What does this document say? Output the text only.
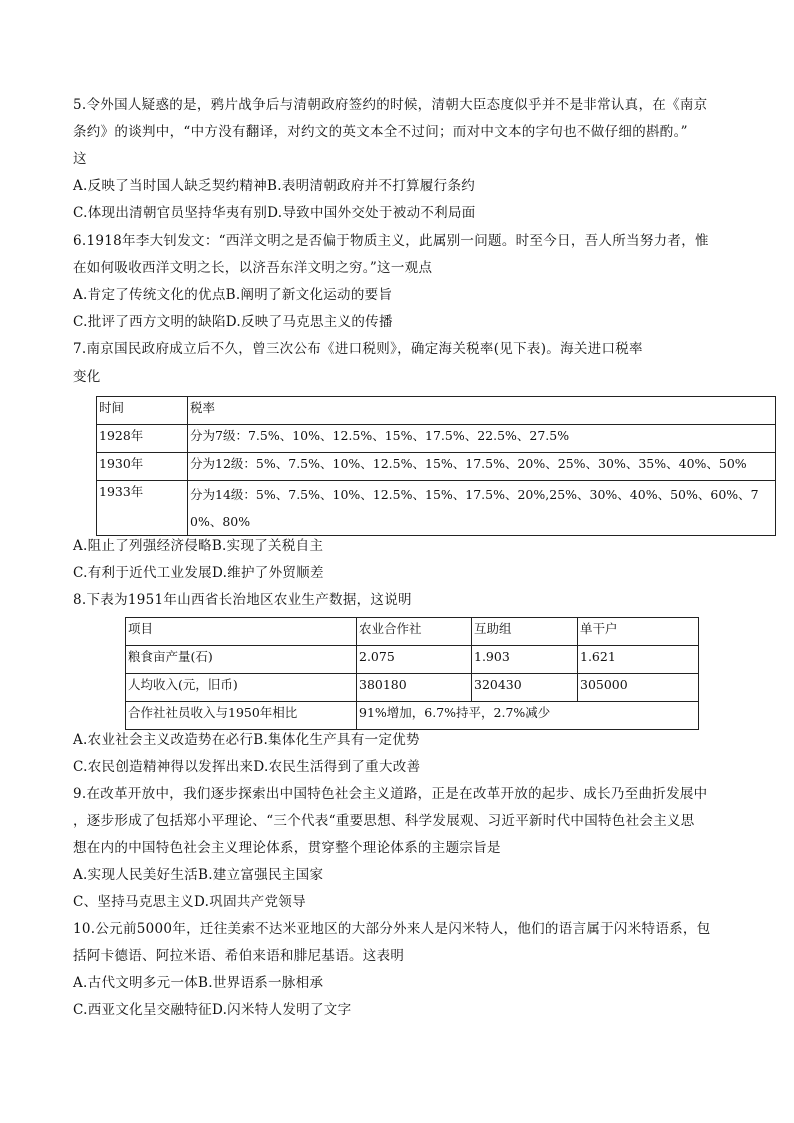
5.令外国人疑惑的是，鸦片战争后与清朝政府签约的时候，清朝大臣态度似乎并不是非常认真，在《南京
条约》的谈判中，“中方没有翻译，对约文的英文本全不过问；而对中文本的字句也不做仔细的斟酌。”
这
A.反映了当时国人缺乏契约精神B.表明清朝政府并不打算履行条约
C.体现出清朝官员坚持华夷有别D.导致中国外交处于被动不利局面
6.1918年李大钊发文：“西洋文明之是否偏于物质主义，此属别一问题。时至今日，吾人所当努力者，惟
在如何吸收西洋文明之长，以济吾东洋文明之穷。”这一观点
A.肯定了传统文化的优点B.阐明了新文化运动的要旨
C.批评了西方文明的缺陷D.反映了马克思主义的传播
7.南京国民政府成立后不久，曾三次公布《进口税则》，确定海关税率(见下表)。海关进口税率
变化
时间	税率
1928年	分为7级：7.5%、10%、12.5%、15%、17.5%、22.5%、27.5%
1930年	分为12级：5%、7.5%、10%、12.5%、15%、17.5%、20%、25%、30%、35%、40%、50%
1933年	分为14级：5%、7.5%、10%、12.5%、15%、17.5%、20%,25%、30%、40%、50%、60%、70%、80%
A.阻止了列强经济侵略B.实现了关税自主
C.有利于近代工业发展D.维护了外贸顺差
8.下表为1951年山西省长治地区农业生产数据，这说明
项目	农业合作社	互助组	单干户
粮食亩产量(石)	2.075	1.903	1.621
人均收入(元，旧币)	380180	320430	305000
合作社社员收入与1950年相比	91%增加，6.7%持平，2.7%减少		
A.农业社会主义改造势在必行B.集体化生产具有一定优势
C.农民创造精神得以发挥出来D.农民生活得到了重大改善
9.在改革开放中，我们逐步探索出中国特色社会主义道路，正是在改革开放的起步、成长乃至曲折发展中
，逐步形成了包括郑小平理论、“三个代表“重要思想、科学发展观、习近平新时代中国特色社会主义思
想在内的中国特色社会主义理论体系，贯穿整个理论体系的主题宗旨是
A.实现人民美好生活B.建立富强民主国家
C、坚持马克思主义D.巩固共产党领导
10.公元前5000年，迁往美索不达米亚地区的大部分外来人是闪米特人，他们的语言属于闪米特语系，包
括阿卡德语、阿拉米语、希伯来语和腓尼基语。这表明
A.古代文明多元一体B.世界语系一脉相承
C.西亚文化呈交融特征D.闪米特人发明了文字
